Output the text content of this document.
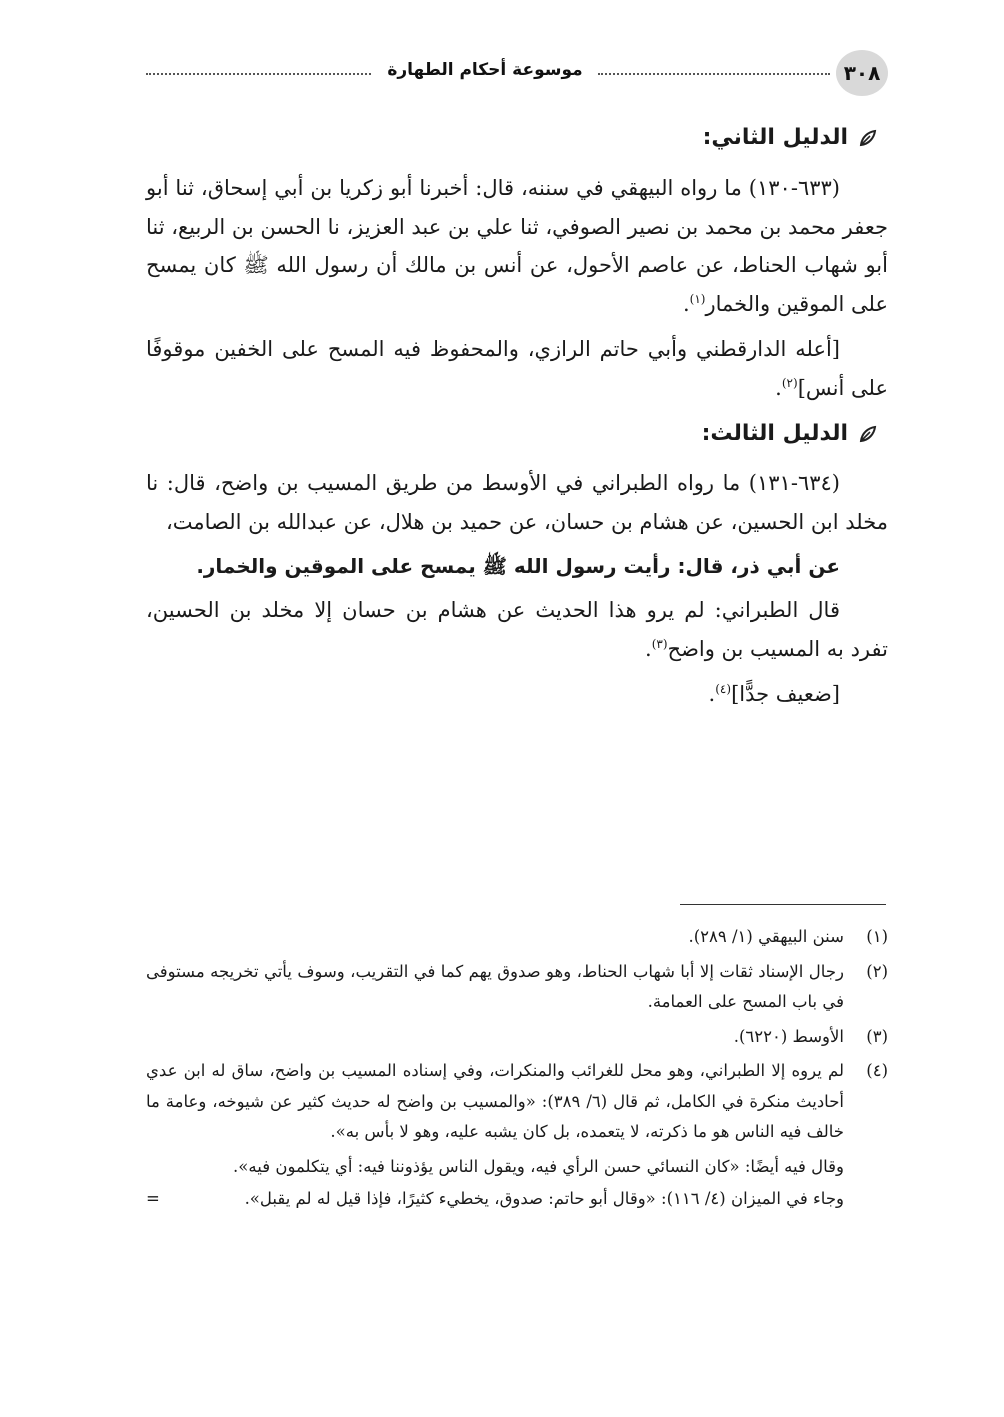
٣٠٨
موسوعة أحكام الطهارة
الدليل الثاني:

(٦٣٣-١٣٠) ما رواه البيهقي في سننه، قال: أخبرنا أبو زكريا بن أبي إسحاق، ثنا أبو جعفر محمد بن محمد بن نصير الصوفي، ثنا علي بن عبد العزيز، نا الحسن بن الربيع، ثنا أبو شهاب الحناط، عن عاصم الأحول، عن أنس بن مالك أن رسول الله ﷺ كان يمسح على الموقين والخمار$^{(١)}$.

[أعله الدارقطني وأبي حاتم الرازي، والمحفوظ فيه المسح على الخفين موقوفًا على أنس]$^{(٢)}$.

الدليل الثالث:

(٦٣٤-١٣١) ما رواه الطبراني في الأوسط من طريق المسيب بن واضح، قال: نا مخلد ابن الحسين، عن هشام بن حسان، عن حميد بن هلال، عن عبدالله بن الصامت،

عن أبي ذر، قال: رأيت رسول الله ﷺ يمسح على الموقين والخمار.

قال الطبراني: لم يرو هذا الحديث عن هشام بن حسان إلا مخلد بن الحسين، تفرد به المسيب بن واضح$^{(٣)}$.

[ضعيف جدًّا]$^{(٤)}$.

(١)
سنن البيهقي (١/ ٢٨٩).
(٢)
رجال الإسناد ثقات إلا أبا شهاب الحناط، وهو صدوق يهم كما في التقريب، وسوف يأتي تخريجه مستوفى في باب المسح على العمامة.
(٣)
الأوسط (٦٢٢٠).
(٤)
لم يروه إلا الطبراني، وهو محل للغرائب والمنكرات، وفي إسناده المسيب بن واضح، ساق له ابن عدي أحاديث منكرة في الكامل، ثم قال (٦/ ٣٨٩): «والمسيب بن واضح له حديث كثير عن شيوخه، وعامة ما خالف فيه الناس هو ما ذكرته، لا يتعمده، بل كان يشبه عليه، وهو لا بأس به».
وقال فيه أيضًا: «كان النسائي حسن الرأي فيه، ويقول الناس يؤذوننا فيه: أي يتكلمون فيه».
وجاء في الميزان (٤/ ١١٦): «وقال أبو حاتم: صدوق، يخطيء كثيرًا، فإذا قيل له لم يقبل».
=
